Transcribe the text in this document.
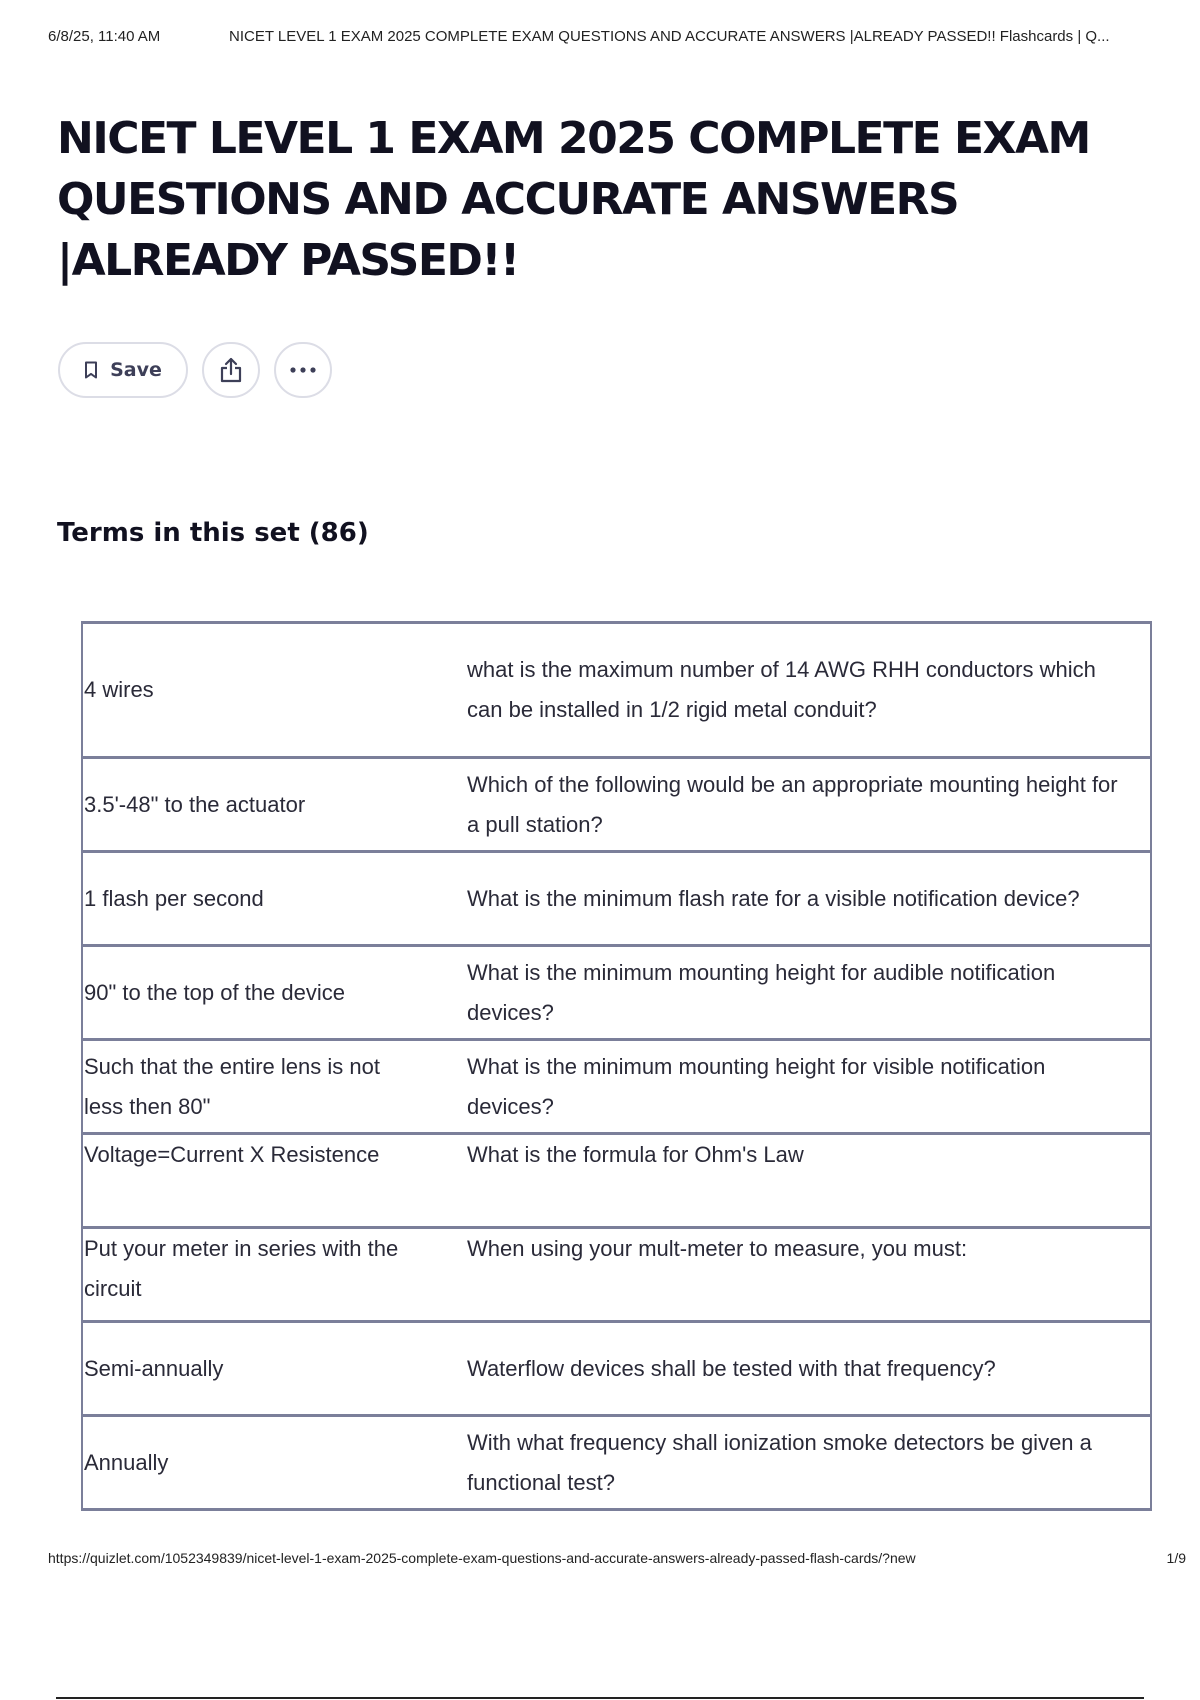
6/8/25, 11:40 AM	NICET LEVEL 1 EXAM 2025 COMPLETE EXAM QUESTIONS AND ACCURATE ANSWERS |ALREADY PASSED!! Flashcards | Q...
NICET LEVEL 1 EXAM 2025 COMPLETE EXAM QUESTIONS AND ACCURATE ANSWERS |ALREADY PASSED!!
Save
Terms in this set (86)
4 wires	what is the maximum number of 14 AWG RHH conductors which can be installed in 1/2 rigid metal conduit?
3.5'-48" to the actuator	Which of the following would be an appropriate mounting height for a pull station?
1 flash per second	What is the minimum flash rate for a visible notification device?
90" to the top of the device	What is the minimum mounting height for audible notification devices?
Such that the entire lens is not less then 80"	What is the minimum mounting height for visible notification devices?
Voltage=Current X Resistence	What is the formula for Ohm's Law
Put your meter in series with the circuit	When using your mult-meter to measure, you must:
Semi-annually	Waterflow devices shall be tested with that frequency?
Annually	With what frequency shall ionization smoke detectors be given a functional test?
https://quizlet.com/1052349839/nicet-level-1-exam-2025-complete-exam-questions-and-accurate-answers-already-passed-flash-cards/?new	1/9
